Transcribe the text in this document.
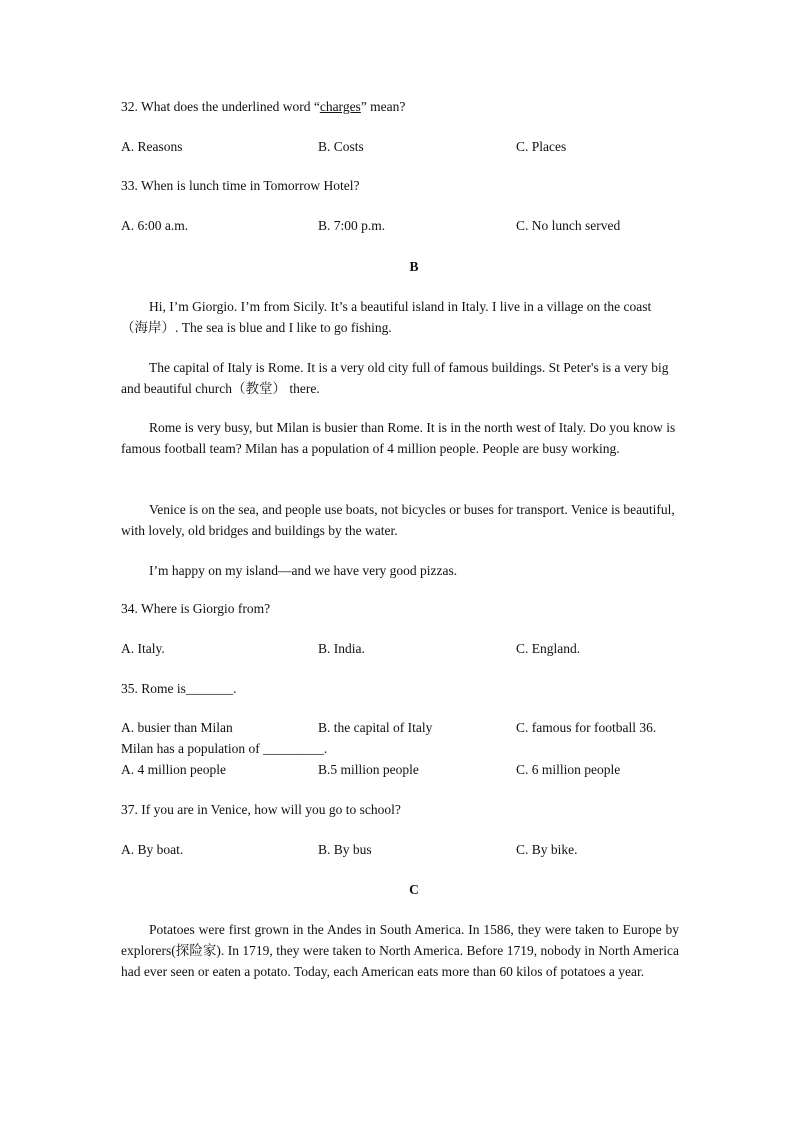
32. What does the underlined word “charges” mean?
A. Reasons	B. Costs	C. Places
33. When is lunch time in Tomorrow Hotel?
A. 6:00 a.m.	B. 7:00 p.m.	C. No lunch served
B
Hi, I’m Giorgio. I’m from Sicily. It’s a beautiful island in Italy. I live in a village on the coast （海岸）. The sea is blue and I like to go fishing.
The capital of Italy is Rome. It is a very old city full of famous buildings. St Peter's is a very big and beautiful church（教堂） there.
Rome is very busy, but Milan is busier than Rome. It is in the north west of Italy. Do you know is famous football team? Milan has a population of 4 million people. People are busy working.
Venice is on the sea, and people use boats, not bicycles or buses for transport. Venice is beautiful, with lovely, old bridges and buildings by the water.
I’m happy on my island—and we have very good pizzas.
34. Where is Giorgio from?
A. Italy.	B. India.	C. England.
35. Rome is_______.
A. busier than Milan	B. the capital of Italy	C. famous for football 36.
Milan has a population of _________.
A. 4 million people	B.5 million people	C. 6 million people
37. If you are in Venice, how will you go to school?
A. By boat.	B. By bus	C. By bike.
C
Potatoes were first grown in the Andes in South America. In 1586, they were taken to Europe by explorers(探险家). In 1719, they were taken to North America. Before 1719, nobody in North America had ever seen or eaten a potato. Today, each American eats more than 60 kilos of potatoes a year.
